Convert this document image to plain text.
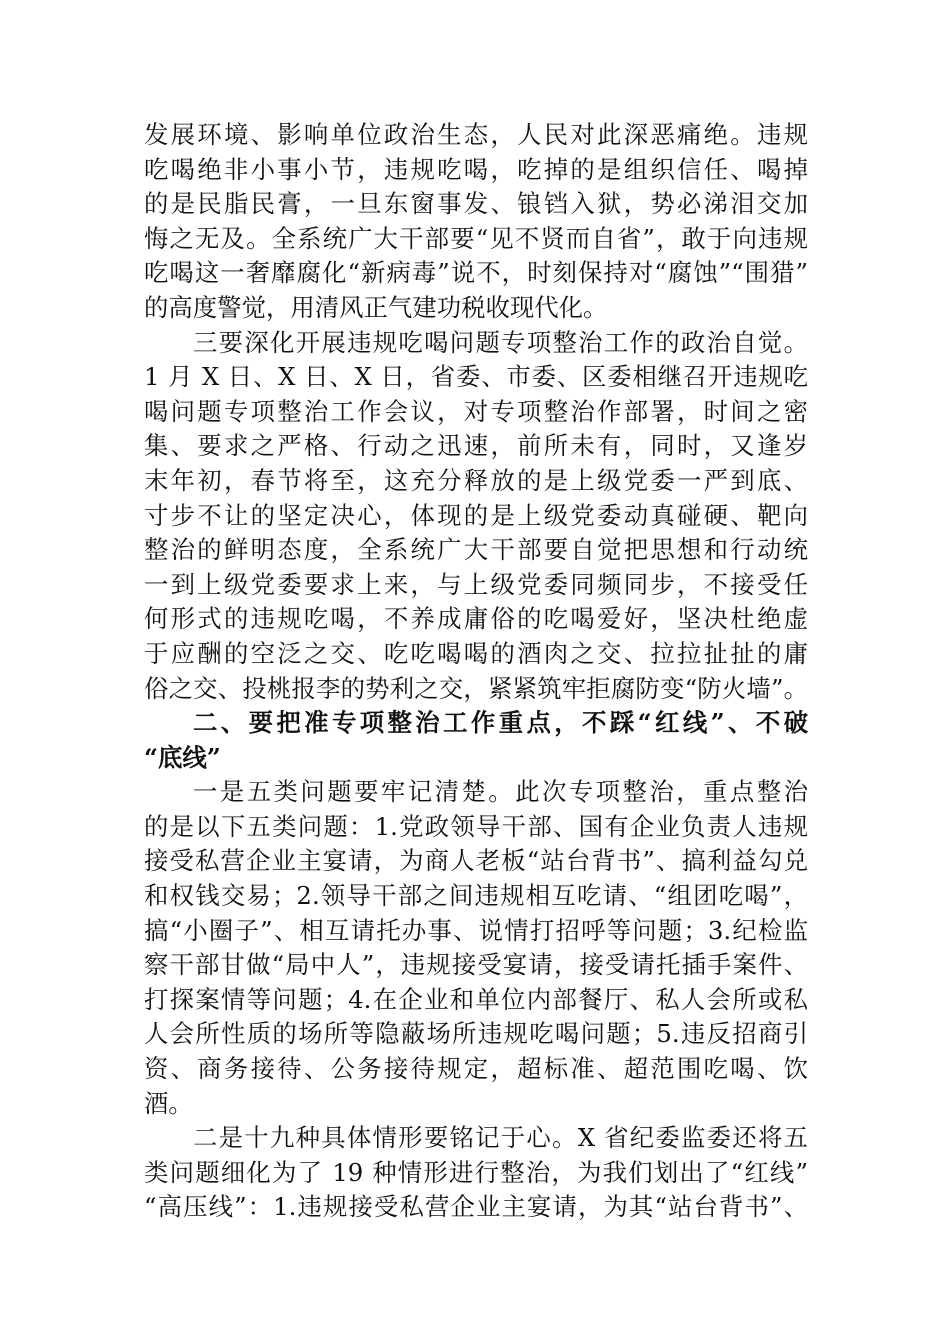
发展环境、影响单位政治生态，人民对此深恶痛绝。违规
吃喝绝非小事小节，违规吃喝，吃掉的是组织信任、喝掉
的是民脂民膏，一旦东窗事发、锒铛入狱，势必涕泪交加
悔之无及。全系统广大干部要“见不贤而自省”，敢于向违规
吃喝这一奢靡腐化“新病毒”说不，时刻保持对“腐蚀”“围猎”
的高度警觉，用清风正气建功税收现代化。
三要深化开展违规吃喝问题专项整治工作的政治自觉。
1 月 X 日、X 日、X 日，省委、市委、区委相继召开违规吃
喝问题专项整治工作会议，对专项整治作部署，时间之密
集、要求之严格、行动之迅速，前所未有，同时，又逢岁
末年初，春节将至，这充分释放的是上级党委一严到底、
寸步不让的坚定决心，体现的是上级党委动真碰硬、靶向
整治的鲜明态度，全系统广大干部要自觉把思想和行动统
一到上级党委要求上来，与上级党委同频同步，不接受任
何形式的违规吃喝，不养成庸俗的吃喝爱好，坚决杜绝虚
于应酬的空泛之交、吃吃喝喝的酒肉之交、拉拉扯扯的庸
俗之交、投桃报李的势利之交，紧紧筑牢拒腐防变“防火墙”。
二、要把准专项整治工作重点，不踩“红线”、不破
“底线”
一是五类问题要牢记清楚。此次专项整治，重点整治
的是以下五类问题：1.党政领导干部、国有企业负责人违规
接受私营企业主宴请，为商人老板“站台背书”、搞利益勾兑
和权钱交易；2.领导干部之间违规相互吃请、“组团吃喝”，
搞“小圈子”、相互请托办事、说情打招呼等问题；3.纪检监
察干部甘做“局中人”，违规接受宴请，接受请托插手案件、
打探案情等问题；4.在企业和单位内部餐厅、私人会所或私
人会所性质的场所等隐蔽场所违规吃喝问题；5.违反招商引
资、商务接待、公务接待规定，超标准、超范围吃喝、饮
酒。
二是十九种具体情形要铭记于心。X 省纪委监委还将五
类问题细化为了 19 种情形进行整治，为我们划出了“红线”
“高压线”：1.违规接受私营企业主宴请，为其“站台背书”、
